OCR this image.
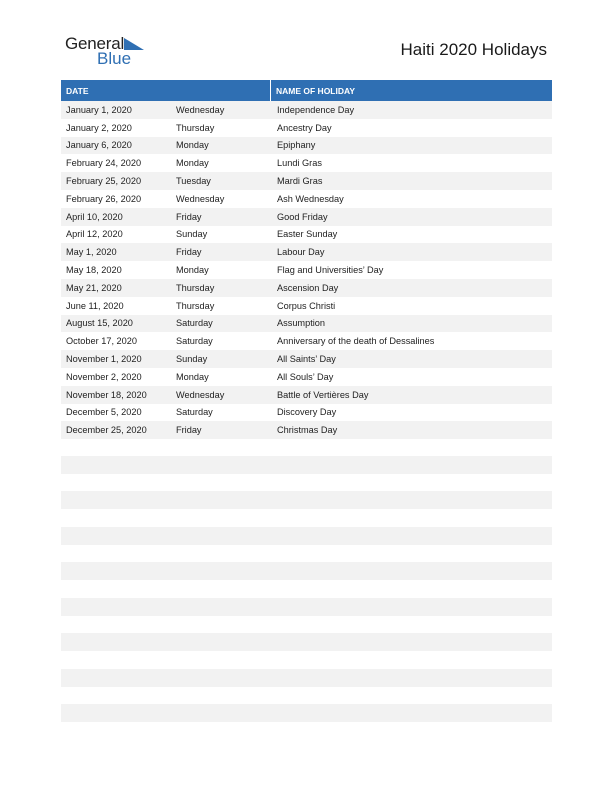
General
Blue	Haiti 2020 Holidays
DATE	NAME OF HOLIDAY
January 1, 2020	Wednesday	Independence Day
January 2, 2020	Thursday	Ancestry Day
January 6, 2020	Monday	Epiphany
February 24, 2020	Monday	Lundi Gras
February 25, 2020	Tuesday	Mardi Gras
February 26, 2020	Wednesday	Ash Wednesday
April 10, 2020	Friday	Good Friday
April 12, 2020	Sunday	Easter Sunday
May 1, 2020	Friday	Labour Day
May 18, 2020	Monday	Flag and Universities’ Day
May 21, 2020	Thursday	Ascension Day
June 11, 2020	Thursday	Corpus Christi
August 15, 2020	Saturday	Assumption
October 17, 2020	Saturday	Anniversary of the death of Dessalines
November 1, 2020	Sunday	All Saints’ Day
November 2, 2020	Monday	All Souls’ Day
November 18, 2020	Wednesday	Battle of Vertières Day
December 5, 2020	Saturday	Discovery Day
December 25, 2020	Friday	Christmas Day
